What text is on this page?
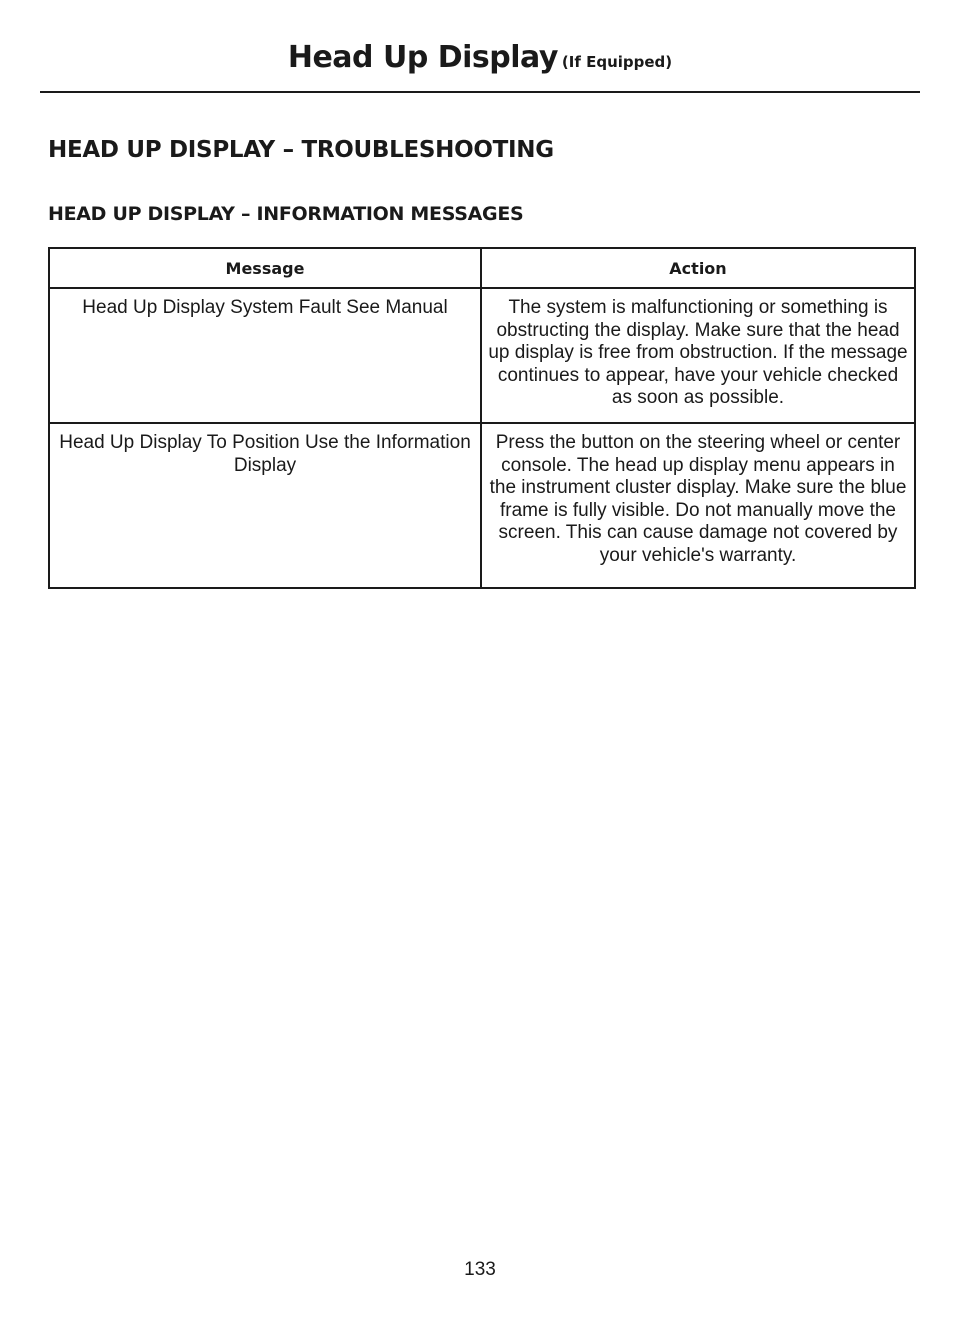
Head Up Display (If Equipped)
HEAD UP DISPLAY – TROUBLESHOOTING
HEAD UP DISPLAY – INFORMATION MESSAGES
Message	Action
Head Up Display System Fault See Manual	The system is malfunctioning or something is obstructing the display. Make sure that the head up display is free from obstruction. If the message continues to appear, have your vehicle checked as soon as possible.
Head Up Display To Position Use the Information Display	Press the button on the steering wheel or center console. The head up display menu appears in the instrument cluster display. Make sure the blue frame is fully visible. Do not manually move the screen. This can cause damage not covered by your vehicle's warranty.
133
